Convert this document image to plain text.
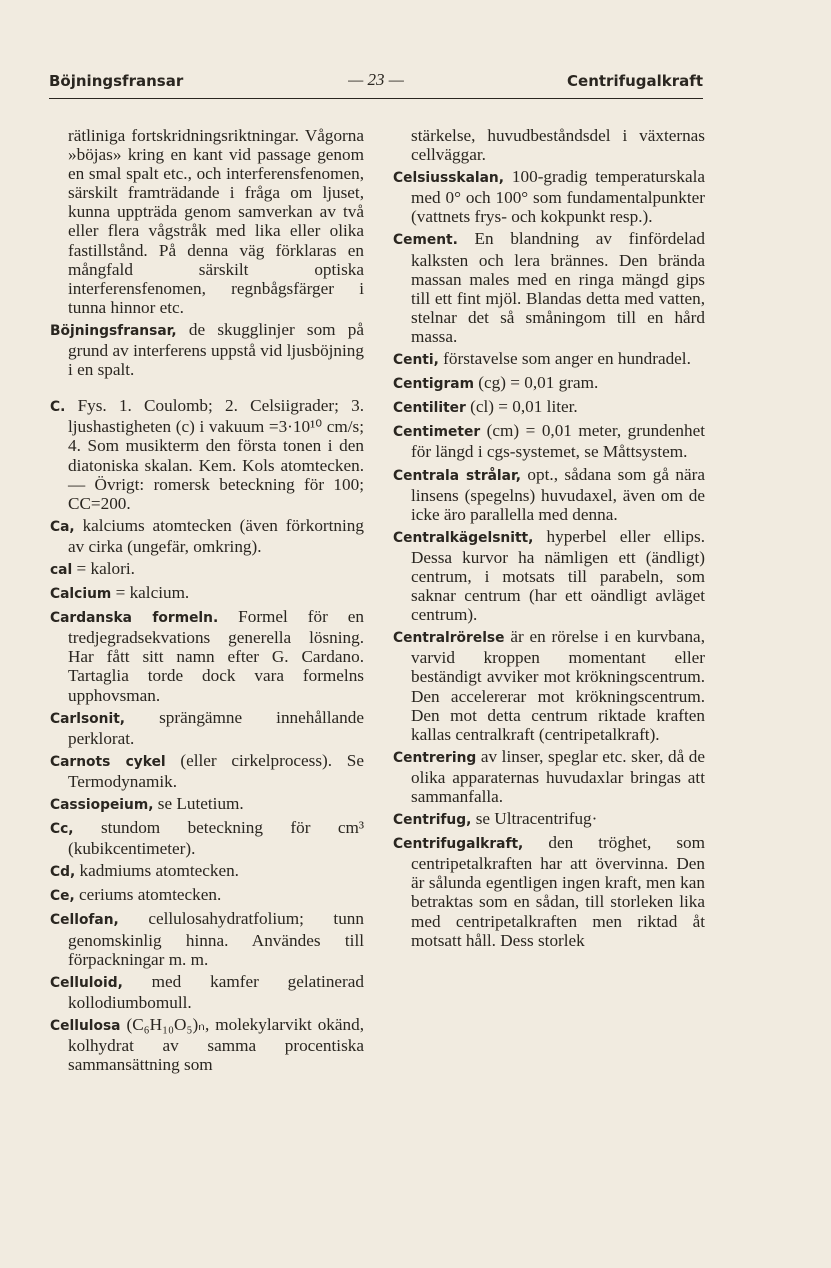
Böjningsfransar	— 23 —	Centrifugalkraft
rätliniga fortskridningsriktningar. Vågorna »böjas» kring en kant vid passage genom en smal spalt etc., och interferensfenomen, särskilt framträdande i fråga om ljuset, kunna uppträda genom samverkan av två eller flera vågstråk med lika eller olika fastillstånd. På denna väg förklaras en mångfald särskilt optiska interferensfenomen, regnbågsfärger i tunna hinnor etc.
Böjningsfransar, de skugglinjer som på grund av interferens uppstå vid ljusböjning i en spalt.
C. Fys. 1. Coulomb; 2. Celsiigrader; 3. ljushastigheten (c) i vakuum =3·10¹⁰ cm/s; 4. Som musikterm den första tonen i den diatoniska skalan. Kem. Kols atomtecken. — Övrigt: romersk beteckning för 100; CC=200.
Ca, kalciums atomtecken (även förkortning av cirka (ungefär, omkring).
cal = kalori.
Calcium = kalcium.
Cardanska formeln. Formel för en tredjegradsekvations generella lösning. Har fått sitt namn efter G. Cardano. Tartaglia torde dock vara formelns upphovsman.
Carlsonit, sprängämne innehållande perklorat.
Carnots cykel (eller cirkelprocess). Se Termodynamik.
Cassiopeium, se Lutetium.
Cc, stundom beteckning för cm³ (kubikcentimeter).
Cd, kadmiums atomtecken.
Ce, ceriums atomtecken.
Cellofan, cellulosahydratfolium; tunn genomskinlig hinna. Användes till förpackningar m. m.
Celluloid, med kamfer gelatinerad kollodiumbomull.
Cellulosa (C₆H₁₀O₅)ₙ, molekylarvikt okänd, kolhydrat av samma procentiska sammansättning som
stärkelse, huvudbeståndsdel i växternas cellväggar.
Celsiusskalan, 100-gradig temperaturskala med 0° och 100° som fundamentalpunkter (vattnets frys- och kokpunkt resp.).
Cement. En blandning av finfördelad kalksten och lera brännes. Den brända massan males med en ringa mängd gips till ett fint mjöl. Blandas detta med vatten, stelnar det så småningom till en hård massa.
Centi, förstavelse som anger en hundradel.
Centigram (cg) = 0,01 gram.
Centiliter (cl) = 0,01 liter.
Centimeter (cm) = 0,01 meter, grundenhet för längd i cgs-systemet, se Måttsystem.
Centrala strålar, opt., sådana som gå nära linsens (spegelns) huvudaxel, även om de icke äro parallella med denna.
Centralkägelsnitt, hyperbel eller ellips. Dessa kurvor ha nämligen ett (ändligt) centrum, i motsats till parabeln, som saknar centrum (har ett oändligt avläget centrum).
Centralrörelse är en rörelse i en kurvbana, varvid kroppen momentant eller beständigt avviker mot krökningscentrum. Den accelererar mot krökningscentrum. Den mot detta centrum riktade kraften kallas centralkraft (centripetalkraft).
Centrering av linser, speglar etc. sker, då de olika apparaternas huvudaxlar bringas att sammanfalla.
Centrifug, se Ultracentrifug·
Centrifugalkraft, den tröghet, som centripetalkraften har att övervinna. Den är sålunda egentligen ingen kraft, men kan betraktas som en sådan, till storleken lika med centripetalkraften men riktad åt motsatt håll. Dess storlek
